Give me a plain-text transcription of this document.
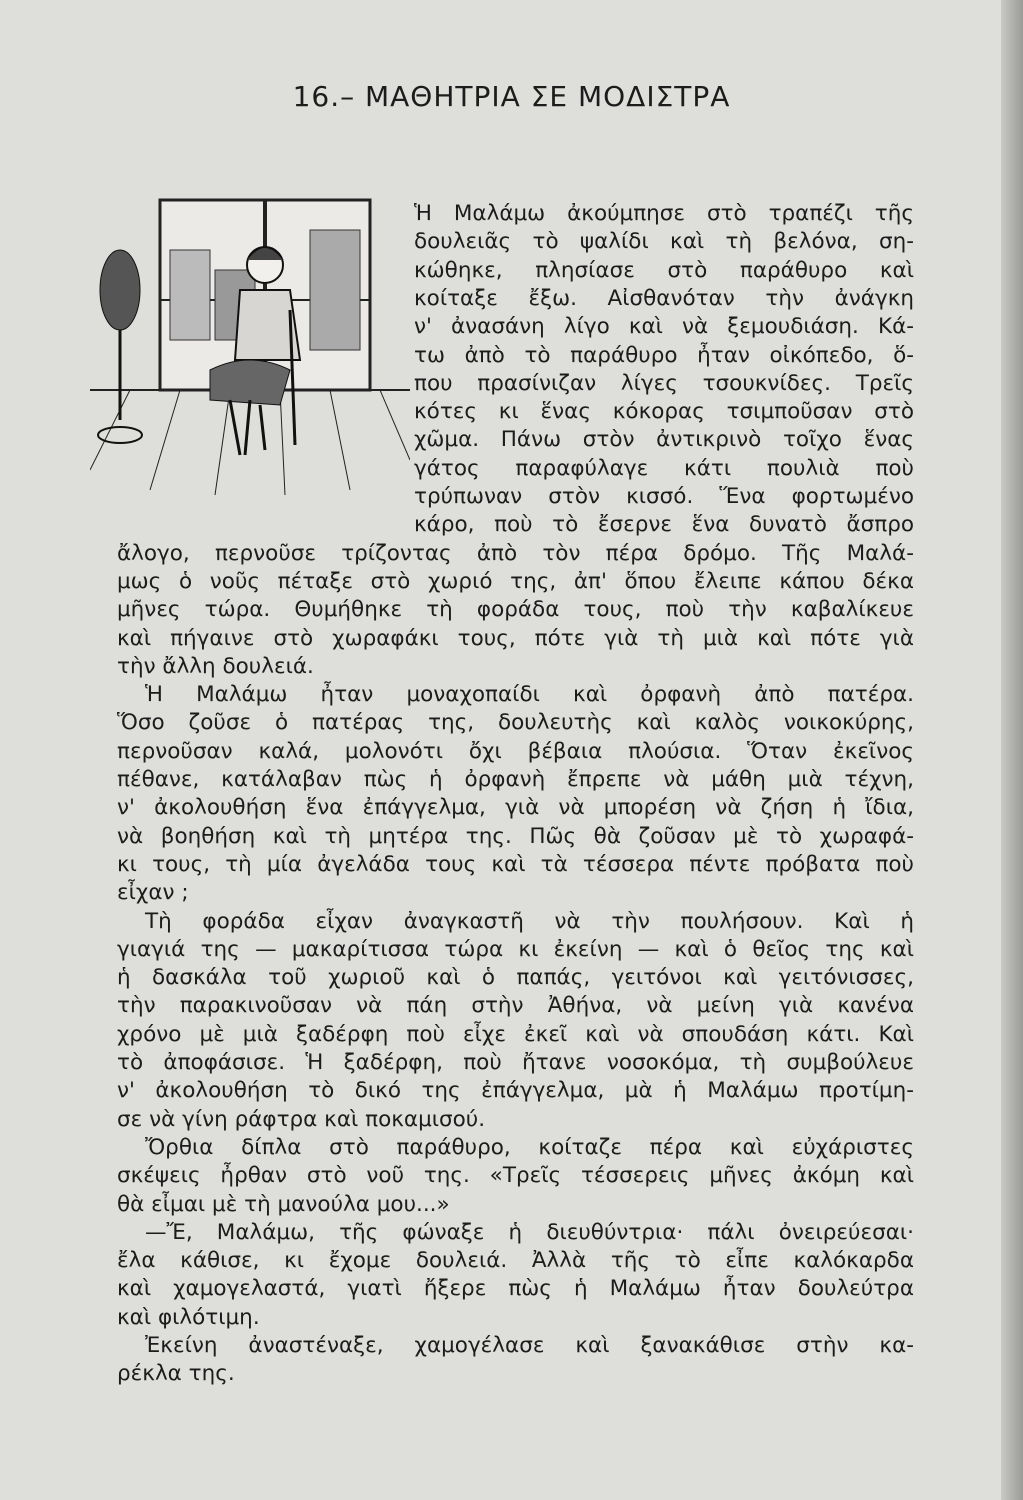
16.– ΜΑΘΗΤΡΙΑ ΣΕ ΜΟΔΙΣΤΡΑ
Ἡ Μαλάμω ἀκούμπησε στὸ τραπέζι τῆς
δουλειᾶς τὸ ψαλίδι καὶ τὴ βελόνα, ση-
κώθηκε, πλησίασε στὸ παράθυρο καὶ
κοίταξε ἔξω. Αἰσθανόταν τὴν ἀνάγκη
ν' ἀνασάνη λίγο καὶ νὰ ξεμουδιάση. Κά-
τω ἀπὸ τὸ παράθυρο ἦταν οἰκόπεδο, ὅ-
που πρασίνιζαν λίγες τσουκνίδες. Τρεῖς
κότες κι ἕνας κόκορας τσιμποῦσαν στὸ
χῶμα. Πάνω στὸν ἀντικρινὸ τοῖχο ἕνας
γάτος παραφύλαγε κάτι πουλιὰ ποὺ
τρύπωναν στὸν κισσό. Ἕνα φορτωμένο
κάρο, ποὺ τὸ ἔσερνε ἕνα δυνατὸ ἄσπρο
ἄλογο, περνοῦσε τρίζοντας ἀπὸ τὸν πέρα δρόμο. Τῆς Μαλά-
μως ὁ νοῦς πέταξε στὸ χωριό της, ἀπ' ὅπου ἔλειπε κάπου δέκα
μῆνες τώρα. Θυμήθηκε τὴ φοράδα τους, ποὺ τὴν καβαλίκευε
καὶ πήγαινε στὸ χωραφάκι τους, πότε γιὰ τὴ μιὰ καὶ πότε γιὰ
τὴν ἄλλη δουλειά.
Ἡ Μαλάμω ἦταν μοναχοπαίδι καὶ ὀρφανὴ ἀπὸ πατέρα.
Ὅσο ζοῦσε ὁ πατέρας της, δουλευτὴς καὶ καλὸς νοικοκύρης,
περνοῦσαν καλά, μολονότι ὄχι βέβαια πλούσια. Ὅταν ἐκεῖνος
πέθανε, κατάλαβαν πὼς ἡ ὀρφανὴ ἔπρεπε νὰ μάθη μιὰ τέχνη,
ν' ἀκολουθήση ἕνα ἐπάγγελμα, γιὰ νὰ μπορέση νὰ ζήση ἡ ἴδια,
νὰ βοηθήση καὶ τὴ μητέρα της. Πῶς θὰ ζοῦσαν μὲ τὸ χωραφά-
κι τους, τὴ μία ἀγελάδα τους καὶ τὰ τέσσερα πέντε πρόβατα ποὺ
εἶχαν ;
Τὴ φοράδα εἶχαν ἀναγκαστῆ νὰ τὴν πουλήσουν. Καὶ ἡ
γιαγιά της — μακαρίτισσα τώρα κι ἐκείνη — καὶ ὁ θεῖος της καὶ
ἡ δασκάλα τοῦ χωριοῦ καὶ ὁ παπάς, γειτόνοι καὶ γειτόνισσες,
τὴν παρακινοῦσαν νὰ πάη στὴν Ἀθήνα, νὰ μείνη γιὰ κανένα
χρόνο μὲ μιὰ ξαδέρφη ποὺ εἶχε ἐκεῖ καὶ νὰ σπουδάση κάτι. Καὶ
τὸ ἀποφάσισε. Ἡ ξαδέρφη, ποὺ ἤτανε νοσοκόμα, τὴ συμβούλευε
ν' ἀκολουθήση τὸ δικό της ἐπάγγελμα, μὰ ἡ Μαλάμω προτίμη-
σε νὰ γίνη ράφτρα καὶ ποκαμισού.
Ὄρθια δίπλα στὸ παράθυρο, κοίταζε πέρα καὶ εὐχάριστες
σκέψεις ἦρθαν στὸ νοῦ της. «Τρεῖς τέσσερεις μῆνες ἀκόμη καὶ
θὰ εἶμαι μὲ τὴ μανούλα μου...»
—Ἔ, Μαλάμω, τῆς φώναξε ἡ διευθύντρια· πάλι ὀνειρεύεσαι·
ἔλα κάθισε, κι ἔχομε δουλειά. Ἀλλὰ τῆς τὸ εἶπε καλόκαρδα
καὶ χαμογελαστά, γιατὶ ἤξερε πὼς ἡ Μαλάμω ἦταν δουλεύτρα
καὶ φιλότιμη.
Ἐκείνη ἀναστέναξε, χαμογέλασε καὶ ξανακάθισε στὴν κα-
ρέκλα της.
